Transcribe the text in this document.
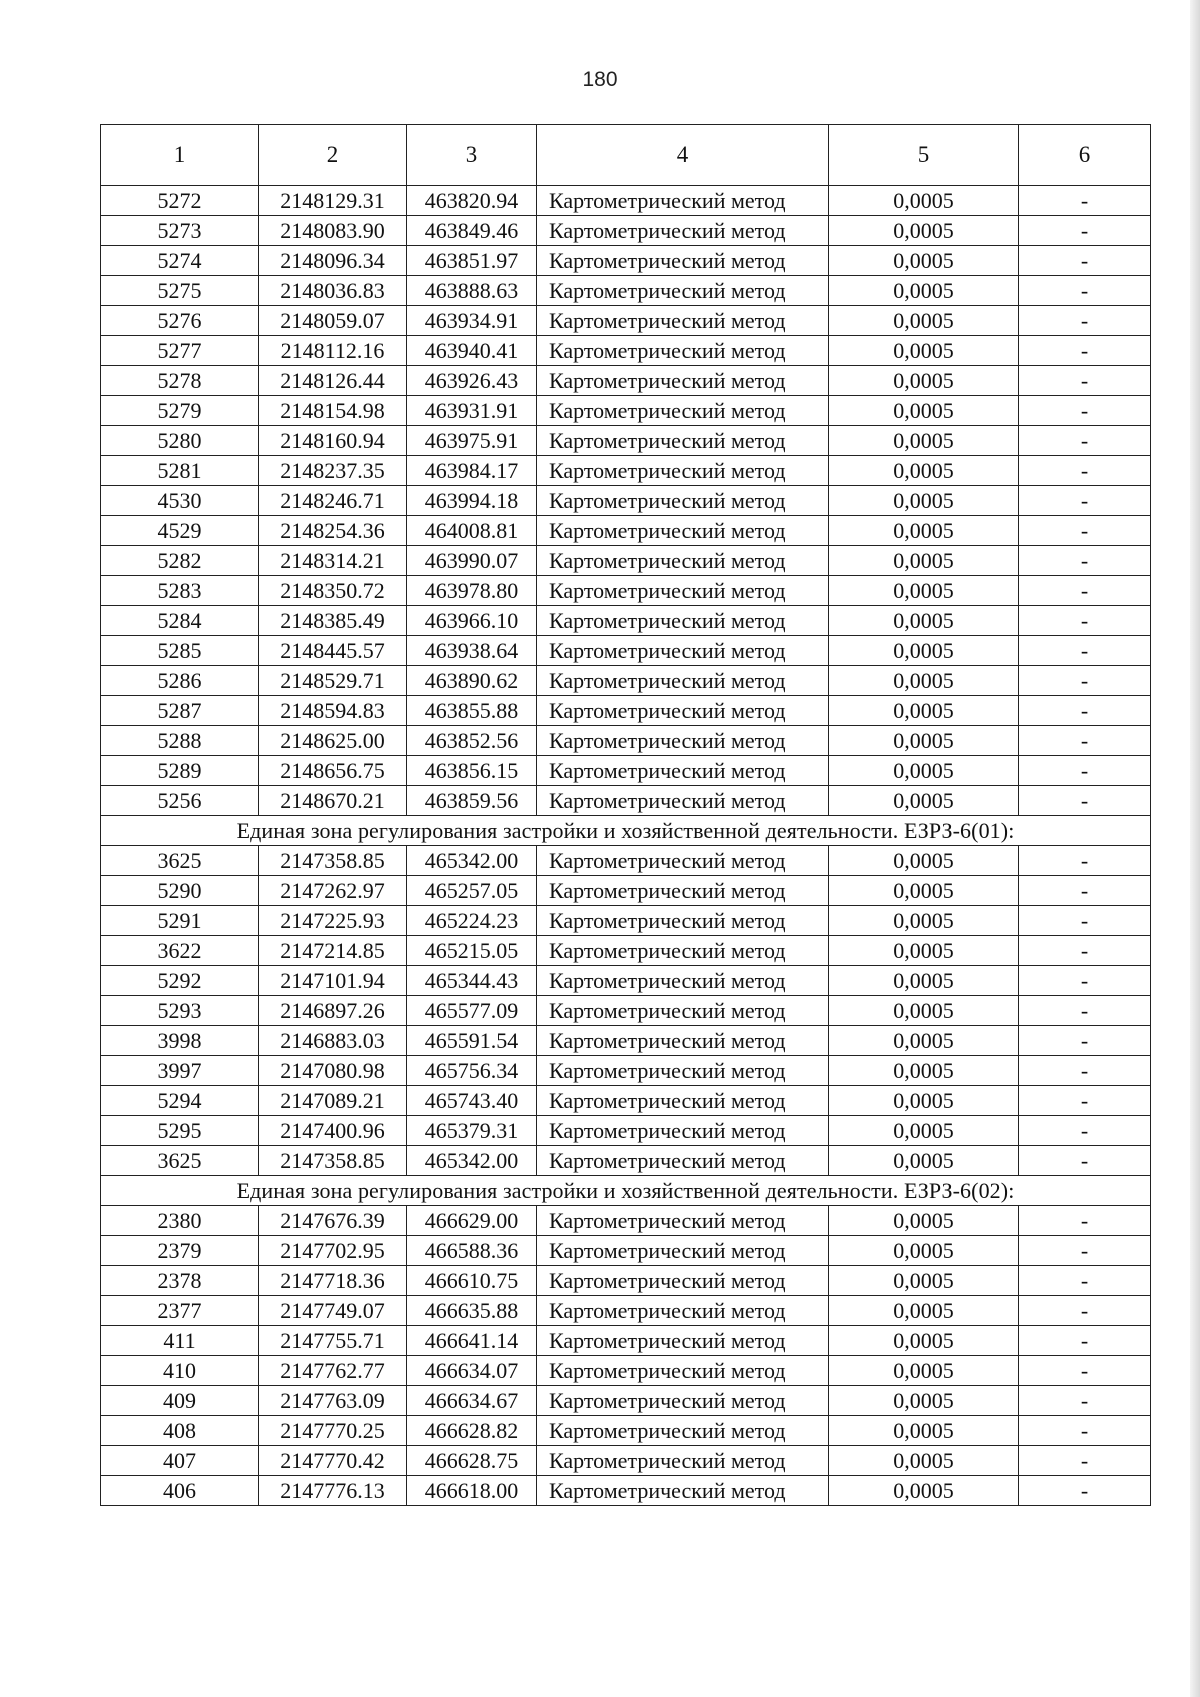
180
1	2	3	4	5	6
5272	2148129.31	463820.94	Картометрический метод	0,0005	-
5273	2148083.90	463849.46	Картометрический метод	0,0005	-
5274	2148096.34	463851.97	Картометрический метод	0,0005	-
5275	2148036.83	463888.63	Картометрический метод	0,0005	-
5276	2148059.07	463934.91	Картометрический метод	0,0005	-
5277	2148112.16	463940.41	Картометрический метод	0,0005	-
5278	2148126.44	463926.43	Картометрический метод	0,0005	-
5279	2148154.98	463931.91	Картометрический метод	0,0005	-
5280	2148160.94	463975.91	Картометрический метод	0,0005	-
5281	2148237.35	463984.17	Картометрический метод	0,0005	-
4530	2148246.71	463994.18	Картометрический метод	0,0005	-
4529	2148254.36	464008.81	Картометрический метод	0,0005	-
5282	2148314.21	463990.07	Картометрический метод	0,0005	-
5283	2148350.72	463978.80	Картометрический метод	0,0005	-
5284	2148385.49	463966.10	Картометрический метод	0,0005	-
5285	2148445.57	463938.64	Картометрический метод	0,0005	-
5286	2148529.71	463890.62	Картометрический метод	0,0005	-
5287	2148594.83	463855.88	Картометрический метод	0,0005	-
5288	2148625.00	463852.56	Картометрический метод	0,0005	-
5289	2148656.75	463856.15	Картометрический метод	0,0005	-
5256	2148670.21	463859.56	Картометрический метод	0,0005	-
Единая зона регулирования застройки и хозяйственной деятельности. ЕЗРЗ-6(01):					
3625	2147358.85	465342.00	Картометрический метод	0,0005	-
5290	2147262.97	465257.05	Картометрический метод	0,0005	-
5291	2147225.93	465224.23	Картометрический метод	0,0005	-
3622	2147214.85	465215.05	Картометрический метод	0,0005	-
5292	2147101.94	465344.43	Картометрический метод	0,0005	-
5293	2146897.26	465577.09	Картометрический метод	0,0005	-
3998	2146883.03	465591.54	Картометрический метод	0,0005	-
3997	2147080.98	465756.34	Картометрический метод	0,0005	-
5294	2147089.21	465743.40	Картометрический метод	0,0005	-
5295	2147400.96	465379.31	Картометрический метод	0,0005	-
3625	2147358.85	465342.00	Картометрический метод	0,0005	-
Единая зона регулирования застройки и хозяйственной деятельности. ЕЗРЗ-6(02):					
2380	2147676.39	466629.00	Картометрический метод	0,0005	-
2379	2147702.95	466588.36	Картометрический метод	0,0005	-
2378	2147718.36	466610.75	Картометрический метод	0,0005	-
2377	2147749.07	466635.88	Картометрический метод	0,0005	-
411	2147755.71	466641.14	Картометрический метод	0,0005	-
410	2147762.77	466634.07	Картометрический метод	0,0005	-
409	2147763.09	466634.67	Картометрический метод	0,0005	-
408	2147770.25	466628.82	Картометрический метод	0,0005	-
407	2147770.42	466628.75	Картометрический метод	0,0005	-
406	2147776.13	466618.00	Картометрический метод	0,0005	-
